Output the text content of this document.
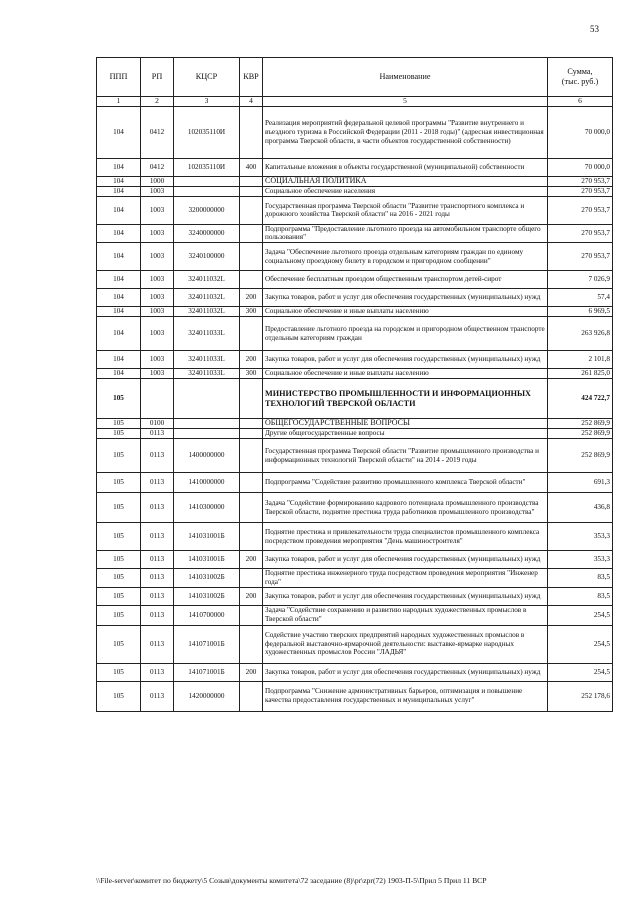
53
ППП	РП	КЦСР	КВР	Наименование	Сумма,
(тыс. руб.)
1	2	3	4	5	6
104	0412	102035110И		Реализация мероприятий федеральной целевой программы "Развитие внутреннего и въездного туризма в Российской Федерации (2011 - 2018 годы)" (адресная инвестиционная программа Тверской области, в части объектов государственной собственности)	70 000,0
104	0412	102035110И	400	Капитальные вложения в объекты государственной (муниципальной) собственности	70 000,0
104	1000			СОЦИАЛЬНАЯ ПОЛИТИКА	270 953,7
104	1003			Социальное обеспечение населения	270 953,7
104	1003	3200000000		Государственная программа Тверской области "Развитие транспортного комплекса и дорожного хозяйства Тверской области" на 2016 - 2021 годы	270 953,7
104	1003	3240000000		Подпрограмма "Предоставление льготного проезда на автомобильном транспорте общего пользования"	270 953,7
104	1003	3240100000		Задача "Обеспечение льготного проезда отдельным категориям граждан по единому социальному проездному билету в городском и пригородном сообщении"	270 953,7
104	1003	324011032L		Обеспечение бесплатным проездом общественным транспортом детей-сирот	7 026,9
104	1003	324011032L	200	Закупка товаров, работ и услуг для обеспечения государственных (муниципальных) нужд	57,4
104	1003	324011032L	300	Социальное обеспечение и иные выплаты населению	6 969,5
104	1003	324011033L		Предоставление льготного проезда на городском и пригородном общественном транспорте отдельным категориям граждан	263 926,8
104	1003	324011033L	200	Закупка товаров, работ и услуг для обеспечения государственных (муниципальных) нужд	2 101,8
104	1003	324011033L	300	Социальное обеспечение и иные выплаты населению	261 825,0
105				МИНИСТЕРСТВО ПРОМЫШЛЕННОСТИ И ИНФОРМАЦИОННЫХ ТЕХНОЛОГИЙ ТВЕРСКОЙ ОБЛАСТИ	424 722,7
105	0100			ОБЩЕГОСУДАРСТВЕННЫЕ ВОПРОСЫ	252 869,9
105	0113			Другие общегосударственные вопросы	252 869,9
105	0113	1400000000		Государственная программа Тверской области "Развитие промышленного производства и информационных технологий Тверской области" на 2014 - 2019 годы	252 869,9
105	0113	1410000000		Подпрограмма "Содействие развитию промышленного комплекса Тверской области"	691,3
105	0113	1410300000		Задача "Содействие формированию кадрового потенциала промышленного производства Тверской области, поднятие престижа труда работников промышленного производства"	436,8
105	0113	141031001Б		Поднятие престижа и привлекательности труда специалистов промышленного комплекса посредством проведения мероприятия "День машиностроителя"	353,3
105	0113	141031001Б	200	Закупка товаров, работ и услуг для обеспечения государственных (муниципальных) нужд	353,3
105	0113	141031002Б		Поднятие престижа инженерного труда посредством проведения мероприятия "Инженер года"	83,5
105	0113	141031002Б	200	Закупка товаров, работ и услуг для обеспечения государственных (муниципальных) нужд	83,5
105	0113	1410700000		Задача "Содействие сохранению и развитию народных художественных промыслов в Тверской области"	254,5
105	0113	141071001Б		Содействие участию тверских предприятий народных художественных промыслов в федеральной выставочно-ярмарочной деятельности: выставке-ярмарке народных художественных промыслов России "ЛАДЬЯ"	254,5
105	0113	141071001Б	200	Закупка товаров, работ и услуг для обеспечения государственных (муниципальных) нужд	254,5
105	0113	1420000000		Подпрограмма "Снижение административных барьеров, оптимизация и повышение качества предоставления государственных и муниципальных услуг"	252 178,6
\\File-server\комитет по бюджету\5 Созыв\документы комитета\72 заседание (8)\pr\zpr(72) 1903-П-5\Прил 5 Прил 11 ВСР
